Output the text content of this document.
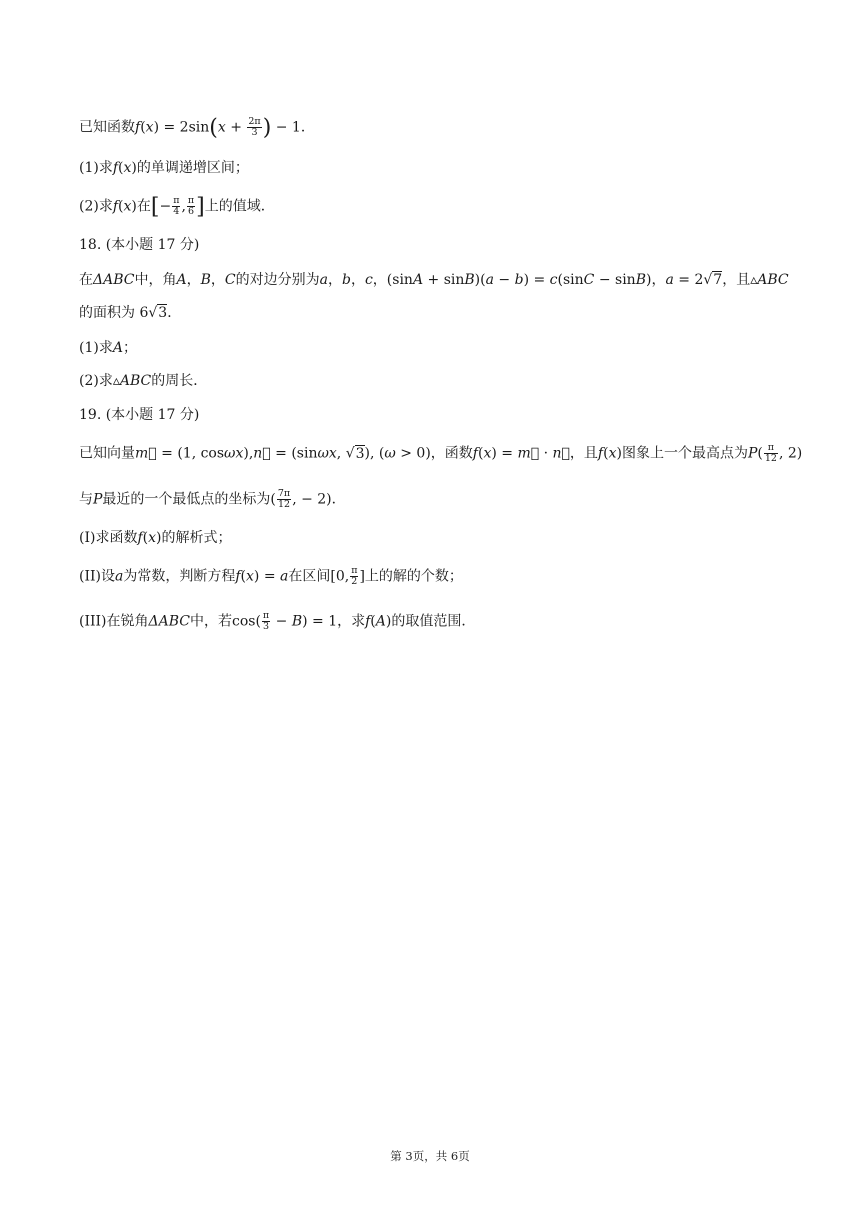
已知函数$f(x) = 2\sin(x + \frac{2\pi}{3}$ ) − 1．
(1)求f(x)的单调递增区间；
(2)求f(x)在[− $\frac{\pi}{4}$ , $\frac{\pi}{6}$ ]上的值域．
18. (本小题 17 分)
在ΔABC中，角A，B，C的对边分别为a，b，c，(sinA + sinB)(a − b) = c(sinC − sinB)，a = 2√7，且▵ABC
的面积为 6√3．
(1)求A；
(2)求▵ABC的周长．
19. (本小题 17 分)
已知向量m⃗ = (1, cosωx),n⃗ = (sinωx, √3), (ω > 0)，函数f(x) = m⃗ · n⃗，且f(x)图象上一个最高点为$P( \frac{\pi}{12}$ , 2)
与P最近的一个最低点的坐标为( $\frac{7\pi}{12}$ , − 2)．
(I)求函数f(x)的解析式；
(II)设a为常数，判断方程f(x) = a在区间[0, $\frac{\pi}{2}$ ]上的解的个数；
(III)在锐角ΔABC中，若$\cos( \frac{\pi}{3} - B) = 1$，求f(A)的取值范围．
第 3页，共 6页
